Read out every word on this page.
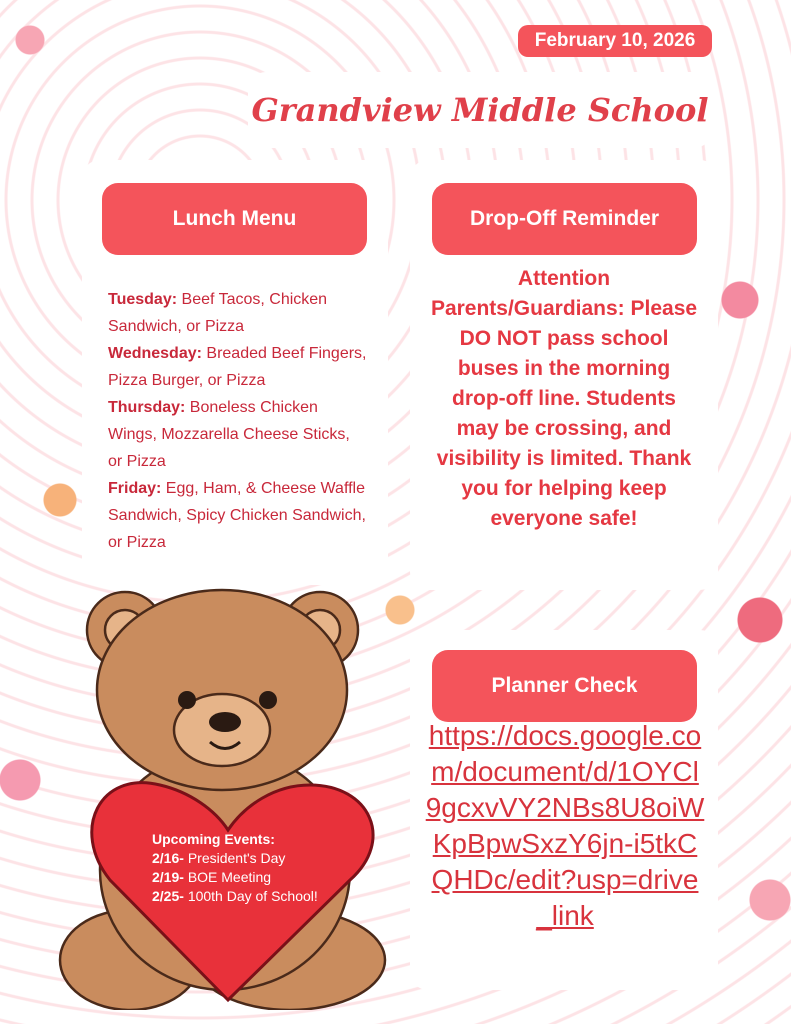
February 10, 2026
Grandview Middle School
Lunch Menu
Tuesday: Beef Tacos, Chicken Sandwich, or Pizza
Wednesday: Breaded Beef Fingers, Pizza Burger, or Pizza
Thursday: Boneless Chicken Wings, Mozzarella Cheese Sticks, or Pizza
Friday: Egg, Ham, & Cheese Waffle Sandwich, Spicy Chicken Sandwich, or Pizza
Drop-Off Reminder
Attention Parents/Guardians: Please DO NOT pass school buses in the morning drop-off line. Students may be crossing, and visibility is limited. Thank you for helping keep everyone safe!
Planner Check
https://docs.google.com/document/d/1OYCl9gcxvVY2NBs8U8oiWKpBpwSxzY6jn-i5tkCQHDc/edit?usp=drive_link
Upcoming Events:
2/16- President's Day
2/19- BOE Meeting
2/25- 100th Day of School!
